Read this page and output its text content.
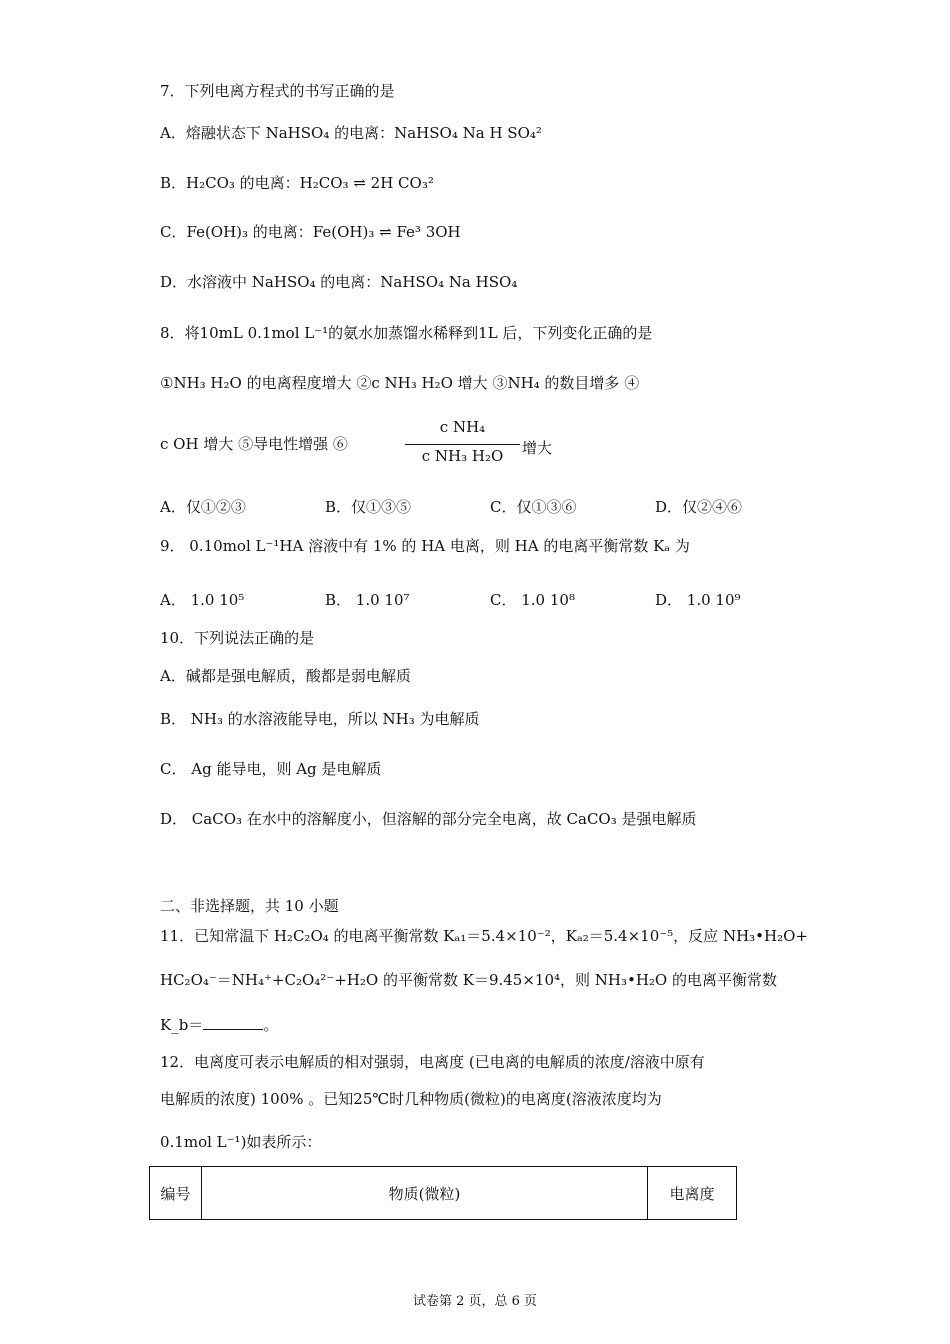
7．下列电离方程式的书写正确的是
A．熔融状态下 NaHSO₄ 的电离：NaHSO₄ Na H SO₄²
B．H₂CO₃ 的电离：H₂CO₃ ⇌ 2H CO₃²
C．Fe(OH)₃ 的电离：Fe(OH)₃ ⇌ Fe³ 3OH
D．水溶液中 NaHSO₄ 的电离：NaHSO₄ Na HSO₄
8．将10mL 0.1mol L⁻¹的氨水加蒸馏水稀释到1L 后，下列变化正确的是
①NH₃ H₂O 的电离程度增大 ②c NH₃ H₂O 增大 ③NH₄ 的数目增多 ④
c OH 增大 ⑤导电性增强 ⑥
c NH₄
c NH₃ H₂O	增大
A．仅①②③	B．仅①③⑤	C．仅①③⑥	D．仅②④⑥
9． 0.10mol L⁻¹HA 溶液中有 1% 的 HA 电离，则 HA 的电离平衡常数 Kₐ 为
A． 1.0 10⁵	B． 1.0 10⁷	C． 1.0 10⁸	D． 1.0 10⁹
10．下列说法正确的是
A．碱都是强电解质，酸都是弱电解质
B． NH₃ 的水溶液能导电，所以 NH₃ 为电解质
C． Ag 能导电，则 Ag 是电解质
D． CaCO₃ 在水中的溶解度小，但溶解的部分完全电离，故 CaCO₃ 是强电解质
二、非选择题，共 10 小题
11．已知常温下 H₂C₂O₄ 的电离平衡常数 Kₐ₁＝5.4×10⁻²，Kₐ₂＝5.4×10⁻⁵，反应 NH₃•H₂O+
HC₂O₄⁻＝NH₄⁺+C₂O₄²⁻+H₂O 的平衡常数 K＝9.45×10⁴，则 NH₃•H₂O 的电离平衡常数
K_b＝	。
12．电离度可表示电解质的相对强弱，电离度 (已电离的电解质的浓度/溶液中原有
电解质的浓度) 100% 。已知25℃时几种物质(微粒)的电离度(溶液浓度均为
0.1mol L⁻¹)如表所示：
编号	物质(微粒)	电离度
试卷第 2 页，总 6 页
